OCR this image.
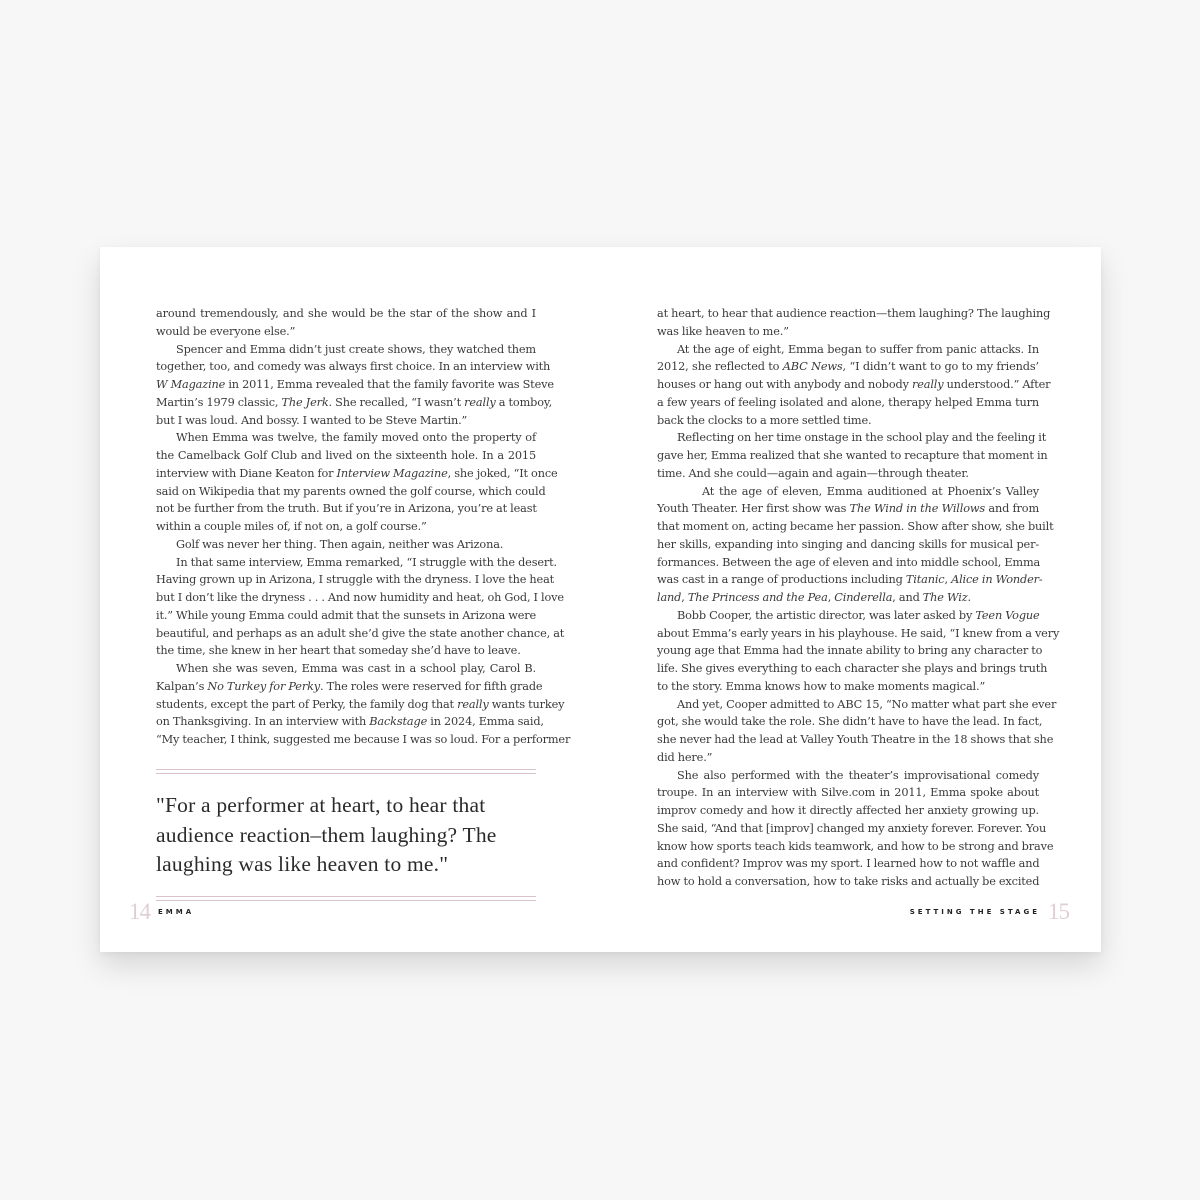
around tremendously, and she would be the star of the show and I
would be everyone else.”
Spencer and Emma didn’t just create shows, they watched them
together, too, and comedy was always first choice. In an interview with
W Magazine in 2011, Emma revealed that the family favorite was Steve
Martin’s 1979 classic, The Jerk. She recalled, “I wasn’t really a tomboy,
but I was loud. And bossy. I wanted to be Steve Martin.”
When Emma was twelve, the family moved onto the property of
the Camelback Golf Club and lived on the sixteenth hole. In a 2015
interview with Diane Keaton for Interview Magazine, she joked, “It once
said on Wikipedia that my parents owned the golf course, which could
not be further from the truth. But if you’re in Arizona, you’re at least
within a couple miles of, if not on, a golf course.”
Golf was never her thing. Then again, neither was Arizona.
In that same interview, Emma remarked, “I struggle with the desert.
Having grown up in Arizona, I struggle with the dryness. I love the heat
but I don’t like the dryness . . . And now humidity and heat, oh God, I love
it.” While young Emma could admit that the sunsets in Arizona were
beautiful, and perhaps as an adult she’d give the state another chance, at
the time, she knew in her heart that someday she’d have to leave.
When she was seven, Emma was cast in a school play, Carol B.
Kalpan’s No Turkey for Perky. The roles were reserved for fifth grade
students, except the part of Perky, the family dog that really wants turkey
on Thanksgiving. In an interview with Backstage in 2024, Emma said,
“My teacher, I think, suggested me because I was so loud. For a performer
"For a performer at heart, to hear that audience reaction–them laughing? The laughing was like heaven to me."
14 EMMA
at heart, to hear that audience reaction—them laughing? The laughing
was like heaven to me.”
At the age of eight, Emma began to suffer from panic attacks. In
2012, she reflected to ABC News, “I didn’t want to go to my friends’
houses or hang out with anybody and nobody really understood.” After
a few years of feeling isolated and alone, therapy helped Emma turn
back the clocks to a more settled time.
Reflecting on her time onstage in the school play and the feeling it
gave her, Emma realized that she wanted to recapture that moment in
time. And she could—again and again—through theater.
At the age of eleven, Emma auditioned at Phoenix’s Valley
Youth Theater. Her first show was The Wind in the Willows and from
that moment on, acting became her passion. Show after show, she built
her skills, expanding into singing and dancing skills for musical per-
formances. Between the age of eleven and into middle school, Emma
was cast in a range of productions including Titanic, Alice in Wonder-
land, The Princess and the Pea, Cinderella, and The Wiz.
Bobb Cooper, the artistic director, was later asked by Teen Vogue
about Emma’s early years in his playhouse. He said, “I knew from a very
young age that Emma had the innate ability to bring any character to
life. She gives everything to each character she plays and brings truth
to the story. Emma knows how to make moments magical.”
And yet, Cooper admitted to ABC 15, “No matter what part she ever
got, she would take the role. She didn’t have to have the lead. In fact,
she never had the lead at Valley Youth Theatre in the 18 shows that she
did here.”
She also performed with the theater’s improvisational comedy
troupe. In an interview with Silve.com in 2011, Emma spoke about
improv comedy and how it directly affected her anxiety growing up.
She said, “And that [improv] changed my anxiety forever. Forever. You
know how sports teach kids teamwork, and how to be strong and brave
and confident? Improv was my sport. I learned how to not waffle and
how to hold a conversation, how to take risks and actually be excited
SETTING THE STAGE 15
